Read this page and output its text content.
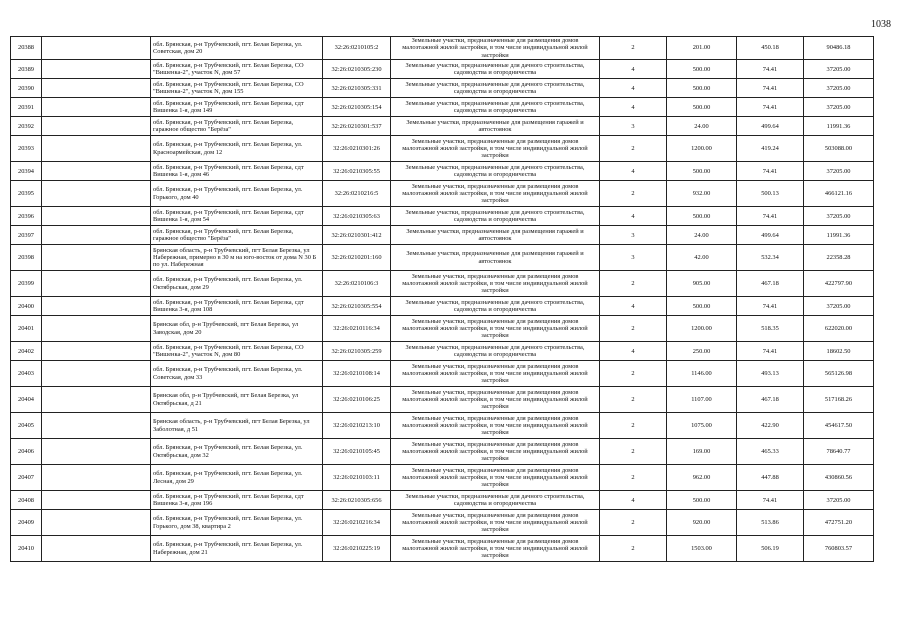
1038
20388		обл. Брянская, р-н Трубчевский, пгт. Белая Березка, ул. Советская, дом 20	32:26:0210105:2	Земельные участки, предназначенные для размещения домов малоэтажной жилой застройки, в том числе индивидуальной жилой застройки	2	201.00	450.18	90486.18
20389		обл. Брянская, р-н Трубчевский, пгт. Белая Березка, СО "Вишенка-2", участок N, дом 57	32:26:0210305:230	Земельные участки, предназначенные для дачного строительства, садоводства и огородничества	4	500.00	74.41	37205.00
20390		обл. Брянская, р-н Трубчевский, пгт. Белая Березка, СО "Вишенка-2", участок N, дом 155	32:26:0210305:331	Земельные участки, предназначенные для дачного строительства, садоводства и огородничества	4	500.00	74.41	37205.00
20391		обл. Брянская, р-н Трубчевский, пгт. Белая Березка, сдт Вишенка 1-я, дом 149	32:26:0210305:154	Земельные участки, предназначенные для дачного строительства, садоводства и огородничества	4	500.00	74.41	37205.00
20392		обл. Брянская, р-н Трубчевский, пгт. Белая Березка, гаражное общество "Берёза"	32:26:0210301:537	Земельные участки, предназначенные для размещения гаражей и автостоянок	3	24.00	499.64	11991.36
20393		обл. Брянская, р-н Трубчевский, пгт. Белая Березка, ул. Красноармейская, дом 12	32:26:0210301:26	Земельные участки, предназначенные для размещения домов малоэтажной жилой застройки, в том числе индивидуальной жилой застройки	2	1200.00	419.24	503088.00
20394		обл. Брянская, р-н Трубчевский, пгт. Белая Березка, сдт Вишенка 1-я, дом 46	32:26:0210305:55	Земельные участки, предназначенные для дачного строительства, садоводства и огородничества	4	500.00	74.41	37205.00
20395		обл. Брянская, р-н Трубчевский, пгт. Белая Березка, ул. Горького, дом 40	32:26:0210216:5	Земельные участки, предназначенные для размещения домов малоэтажной жилой застройки, в том числе индивидуальной жилой застройки	2	932.00	500.13	466121.16
20396		обл. Брянская, р-н Трубчевский, пгт. Белая Березка, сдт Вишенка 1-я, дом 54	32:26:0210305:63	Земельные участки, предназначенные для дачного строительства, садоводства и огородничества	4	500.00	74.41	37205.00
20397		обл. Брянская, р-н Трубчевский, пгт. Белая Березка, гаражное общество "Берёза"	32:26:0210301:412	Земельные участки, предназначенные для размещения гаражей и автостоянок	3	24.00	499.64	11991.36
20398		Брянская область, р-н Трубчевский, пгт Белая Березка, ул Набережная, примерно в 30 м на юго-восток от дома N 30 Б по ул. Набережная	32:26:0210201:160	Земельные участки, предназначенные для размещения гаражей и автостоянок	3	42.00	532.34	22358.28
20399		обл. Брянская, р-н Трубчевский, пгт. Белая Березка, ул. Октябрьская, дом 29	32:26:0210106:3	Земельные участки, предназначенные для размещения домов малоэтажной жилой застройки, в том числе индивидуальной жилой застройки	2	905.00	467.18	422797.90
20400		обл. Брянская, р-н Трубчевский, пгт. Белая Березка, сдт Вишенка 3-я, дом 108	32:26:0210305:554	Земельные участки, предназначенные для дачного строительства, садоводства и огородничества	4	500.00	74.41	37205.00
20401		Брянская обл, р-н Трубчевский, пгт Белая Березка, ул Заводская, дом 20	32:26:0210116:34	Земельные участки, предназначенные для размещения домов малоэтажной жилой застройки, в том числе индивидуальной жилой застройки	2	1200.00	518.35	622020.00
20402		обл. Брянская, р-н Трубчевский, пгт. Белая Березка, СО "Вишенка-2", участок N, дом 80	32:26:0210305:259	Земельные участки, предназначенные для дачного строительства, садоводства и огородничества	4	250.00	74.41	18602.50
20403		обл. Брянская, р-н Трубчевский, пгт. Белая Березка, ул. Советская, дом 33	32:26:0210108:14	Земельные участки, предназначенные для размещения домов малоэтажной жилой застройки, в том числе индивидуальной жилой застройки	2	1146.00	493.13	565126.98
20404		Брянская обл, р-н Трубчевский, пгт Белая Березка, ул Октябрьская, д 21	32:26:0210106:25	Земельные участки, предназначенные для размещения домов малоэтажной жилой застройки, в том числе индивидуальной жилой застройки	2	1107.00	467.18	517168.26
20405		Брянская область, р-н Трубчевский, пгт Белая Березка, ул Заболотная, д 51	32:26:0210213:10	Земельные участки, предназначенные для размещения домов малоэтажной жилой застройки, в том числе индивидуальной жилой застройки	2	1075.00	422.90	454617.50
20406		обл. Брянская, р-н Трубчевский, пгт. Белая Березка, ул. Октябрьская, дом 32	32:26:0210105:45	Земельные участки, предназначенные для размещения домов малоэтажной жилой застройки, в том числе индивидуальной жилой застройки	2	169.00	465.33	78640.77
20407		обл. Брянская, р-н Трубчевский, пгт. Белая Березка, ул. Лесная, дом 29	32:26:0210103:11	Земельные участки, предназначенные для размещения домов малоэтажной жилой застройки, в том числе индивидуальной жилой застройки	2	962.00	447.88	430860.56
20408		обл. Брянская, р-н Трубчевский, пгт. Белая Березка, сдт Вишенка 3-я, дом 196	32:26:0210305:656	Земельные участки, предназначенные для дачного строительства, садоводства и огородничества	4	500.00	74.41	37205.00
20409		обл. Брянская, р-н Трубчевский, пгт. Белая Березка, ул. Горького, дом 38, квартира 2	32:26:0210216:34	Земельные участки, предназначенные для размещения домов малоэтажной жилой застройки, в том числе индивидуальной жилой застройки	2	920.00	513.86	472751.20
20410		обл. Брянская, р-н Трубчевский, пгт. Белая Березка, ул. Набережная, дом 21	32:26:0210225:19	Земельные участки, предназначенные для размещения домов малоэтажной жилой застройки, в том числе индивидуальной жилой застройки	2	1503.00	506.19	760803.57
